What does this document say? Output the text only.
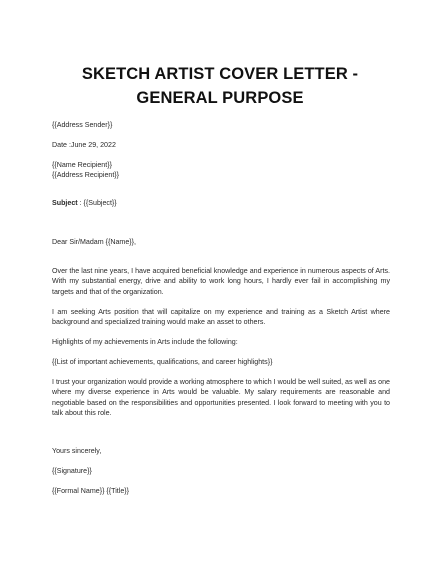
SKETCH ARTIST COVER LETTER - GENERAL PURPOSE
{{Address Sender}}
Date :June 29, 2022
{{Name Recipient}}
{{Address Recipient}}
Subject : {{Subject}}
Dear Sir/Madam {{Name}},
Over the last nine years, I have acquired beneficial knowledge and experience in numerous aspects of Arts. With my substantial energy, drive and ability to work long hours, I hardly ever fail in accomplishing my targets and that of the organization.
I am seeking Arts position that will capitalize on my experience and training as a Sketch Artist where background and specialized training would make an asset to others.
Highlights of my achievements in Arts include the following:
{{List of important achievements, qualifications, and career highlights}}
I trust your organization would provide a working atmosphere to which I would be well suited, as well as one where my diverse experience in Arts would be valuable. My salary requirements are reasonable and negotiable based on the responsibilities and opportunities presented. I look forward to meeting with you to talk about this role.
Yours sincerely,
{{Signature}}
{{Formal Name}} {{Title}}
